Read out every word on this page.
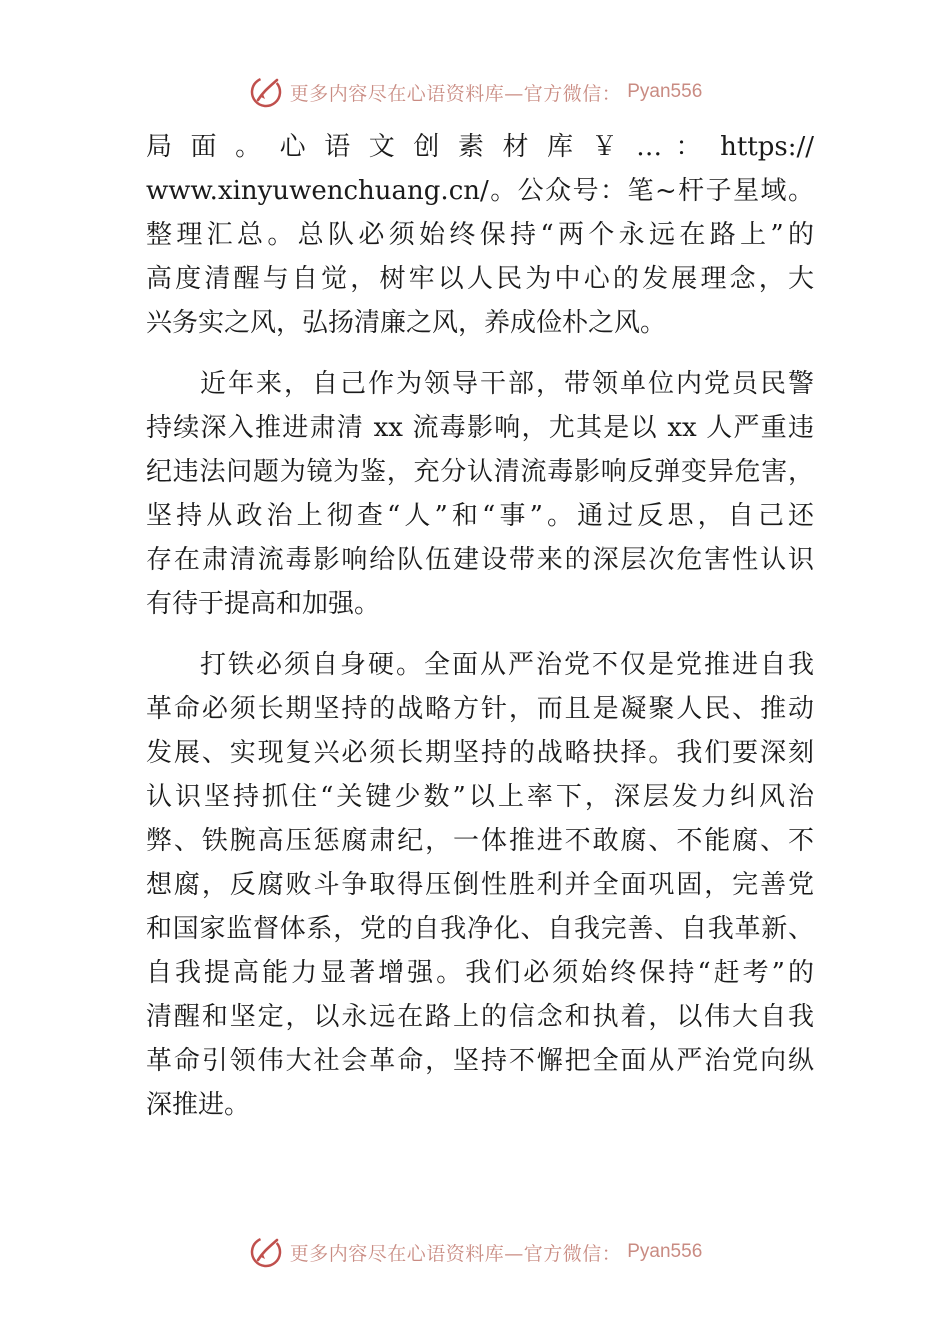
更多内容尽在心语资料库—官方微信： Pyan556
局 面 。 心 语 文 创 素 材 库 ￥ … ： https://
www.xinyuwenchuang.cn/。公众号：笔~杆子星域。
整理汇总。总队必须始终保持“两个永远在路上”的
高度清醒与自觉，树牢以人民为中心的发展理念，大
兴务实之风，弘扬清廉之风，养成俭朴之风。
近年来，自己作为领导干部，带领单位内党员民警
持续深入推进肃清 xx 流毒影响，尤其是以 xx 人严重违
纪违法问题为镜为鉴，充分认清流毒影响反弹变异危害，
坚持从政治上彻查“人”和“事”。通过反思，自己还
存在肃清流毒影响给队伍建设带来的深层次危害性认识
有待于提高和加强。
打铁必须自身硬。全面从严治党不仅是党推进自我
革命必须长期坚持的战略方针，而且是凝聚人民、推动
发展、实现复兴必须长期坚持的战略抉择。我们要深刻
认识坚持抓住“关键少数”以上率下，深层发力纠风治
弊、铁腕高压惩腐肃纪，一体推进不敢腐、不能腐、不
想腐，反腐败斗争取得压倒性胜利并全面巩固，完善党
和国家监督体系，党的自我净化、自我完善、自我革新、
自我提高能力显著增强。我们必须始终保持“赶考”的
清醒和坚定，以永远在路上的信念和执着，以伟大自我
革命引领伟大社会革命，坚持不懈把全面从严治党向纵
深推进。
更多内容尽在心语资料库—官方微信： Pyan556
